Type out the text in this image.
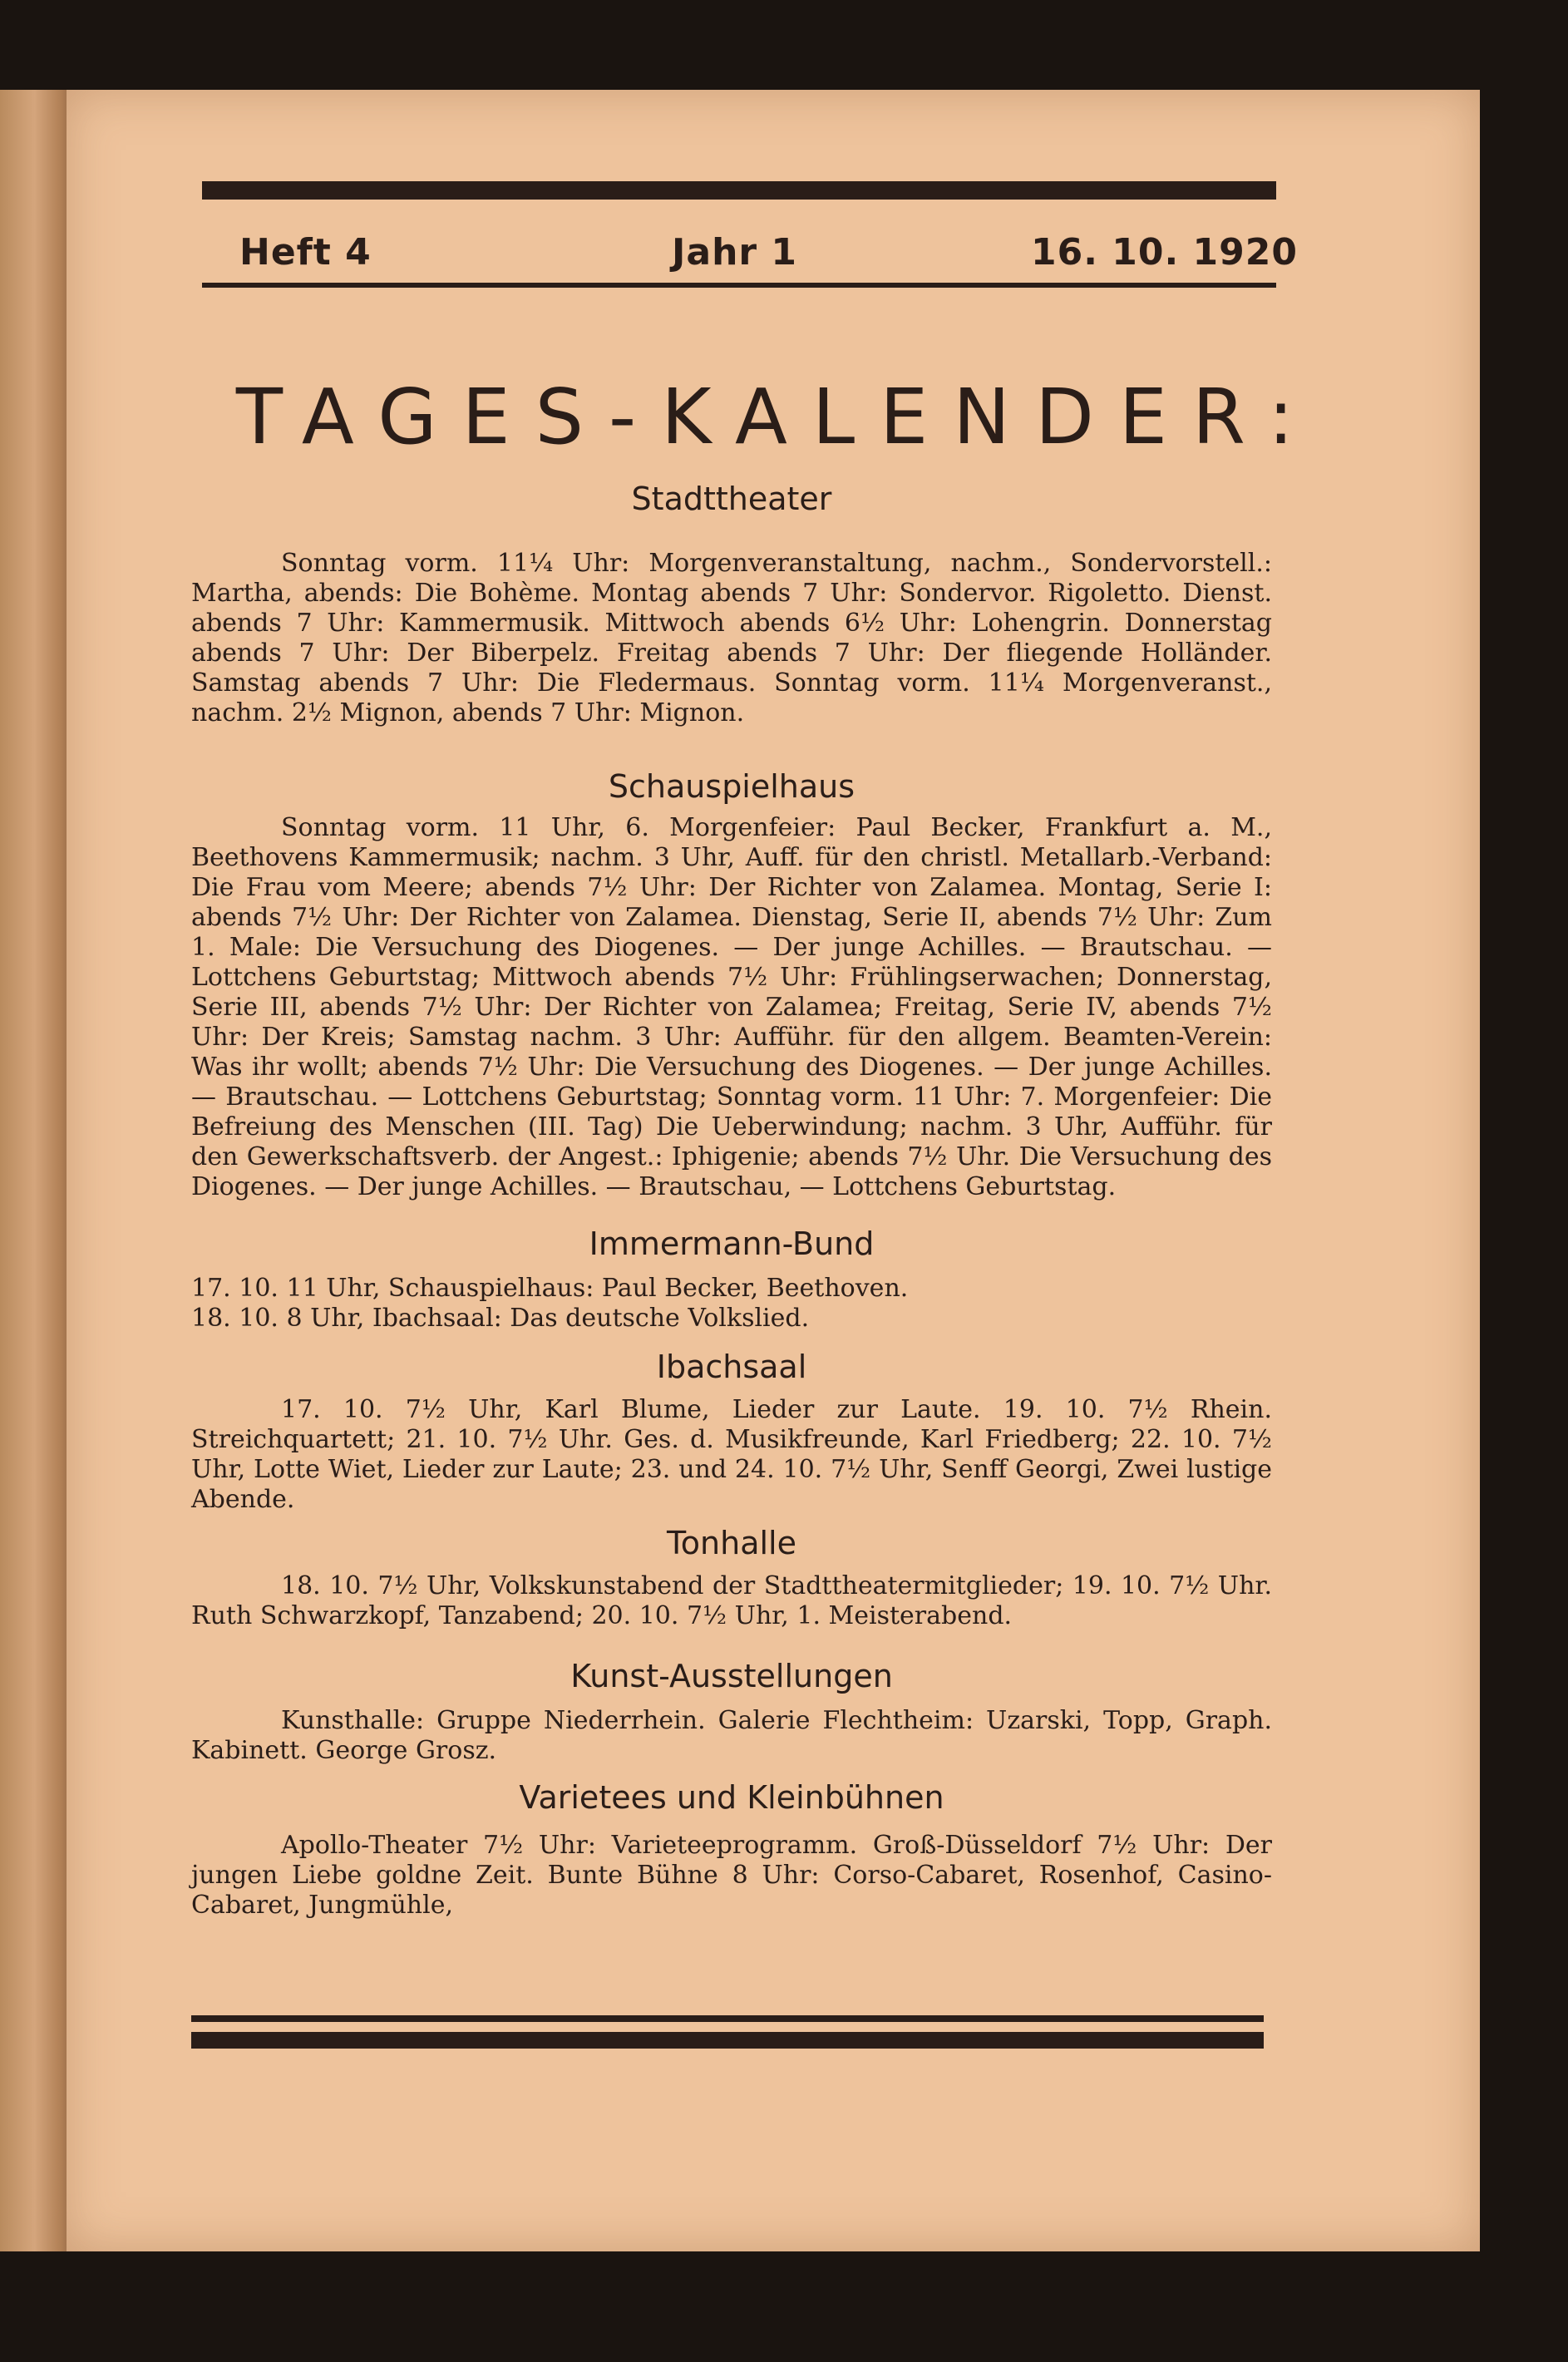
Heft 4	Jahr 1	16. 10. 1920
TAGES-KALENDER:
Stadttheater
Sonntag vorm. 11¼ Uhr: Morgenveranstaltung, nachm., Sondervorstell.: Martha, abends: Die Bohème. Montag abends 7 Uhr: Sondervor. Rigoletto. Dienst. abends 7 Uhr: Kammermusik. Mittwoch abends 6½ Uhr: Lohengrin. Donnerstag abends 7 Uhr: Der Biberpelz. Freitag abends 7 Uhr: Der fliegende Holländer. Samstag abends 7 Uhr: Die Fledermaus. Sonntag vorm. 11¼ Morgenveranst., nachm. 2½ Mignon, abends 7 Uhr: Mignon.
Schauspielhaus
Sonntag vorm. 11 Uhr, 6. Morgenfeier: Paul Becker, Frankfurt a. M., Beethovens Kammermusik; nachm. 3 Uhr, Auff. für den christl. Metallarb.-Verband: Die Frau vom Meere; abends 7½ Uhr: Der Richter von Zalamea. Montag, Serie I: abends 7½ Uhr: Der Richter von Zalamea. Dienstag, Serie II, abends 7½ Uhr: Zum 1. Male: Die Versuchung des Diogenes. — Der junge Achilles. — Brautschau. — Lottchens Geburtstag; Mittwoch abends 7½ Uhr: Frühlingserwachen; Donnerstag, Serie III, abends 7½ Uhr: Der Richter von Zalamea; Freitag, Serie IV, abends 7½ Uhr: Der Kreis; Samstag nachm. 3 Uhr: Aufführ. für den allgem. Beamten-Verein: Was ihr wollt; abends 7½ Uhr: Die Versuchung des Diogenes. — Der junge Achilles. — Brautschau. — Lottchens Geburtstag; Sonntag vorm. 11 Uhr: 7. Morgenfeier: Die Befreiung des Menschen (III. Tag) Die Ueberwindung; nachm. 3 Uhr, Aufführ. für den Gewerkschaftsverb. der Angest.: Iphigenie; abends 7½ Uhr. Die Versuchung des Diogenes. — Der junge Achilles. — Brautschau, — Lottchens Geburtstag.
Immermann-Bund
17. 10. 11 Uhr, Schauspielhaus: Paul Becker, Beethoven.
18. 10. 8 Uhr, Ibachsaal: Das deutsche Volkslied.
Ibachsaal
17. 10. 7½ Uhr, Karl Blume, Lieder zur Laute. 19. 10. 7½ Rhein. Streichquartett; 21. 10. 7½ Uhr. Ges. d. Musikfreunde, Karl Friedberg; 22. 10. 7½ Uhr, Lotte Wiet, Lieder zur Laute; 23. und 24. 10. 7½ Uhr, Senff Georgi, Zwei lustige Abende.
Tonhalle
18. 10. 7½ Uhr, Volkskunstabend der Stadttheatermitglieder; 19. 10. 7½ Uhr. Ruth Schwarzkopf, Tanzabend; 20. 10. 7½ Uhr, 1. Meisterabend.
Kunst-Ausstellungen
Kunsthalle: Gruppe Niederrhein. Galerie Flechtheim: Uzarski, Topp, Graph. Kabinett. George Grosz.
Varietees und Kleinbühnen
Apollo-Theater 7½ Uhr: Varieteeprogramm. Groß-Düsseldorf 7½ Uhr: Der jungen Liebe goldne Zeit. Bunte Bühne 8 Uhr: Corso-Cabaret, Rosenhof, Casino-Cabaret, Jungmühle,
